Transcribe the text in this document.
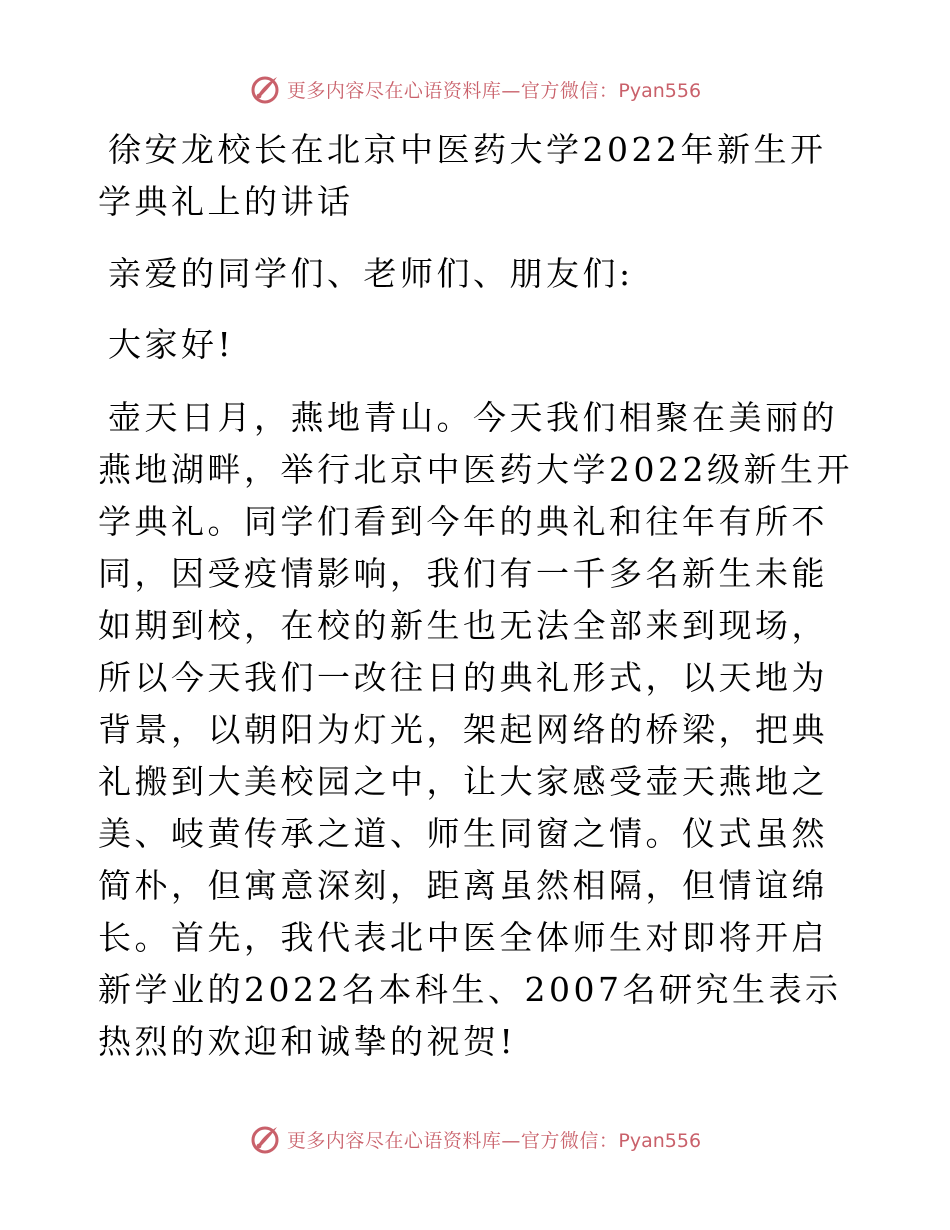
更多内容尽在心语资料库—官方微信：Pyan556

徐安龙校长在北京中医药大学2022年新生开学典礼上的讲话

亲爱的同学们、老师们、朋友们:

大家好!

壶天日月，燕地青山。今天我们相聚在美丽的燕地湖畔，举行北京中医药大学2022级新生开学典礼。同学们看到今年的典礼和往年有所不同，因受疫情影响，我们有一千多名新生未能如期到校，在校的新生也无法全部来到现场，所以今天我们一改往日的典礼形式，以天地为背景，以朝阳为灯光，架起网络的桥梁，把典礼搬到大美校园之中，让大家感受壶天燕地之美、岐黄传承之道、师生同窗之情。仪式虽然简朴，但寓意深刻，距离虽然相隔，但情谊绵长。首先，我代表北中医全体师生对即将开启新学业的2022名本科生、2007名研究生表示热烈的欢迎和诚挚的祝贺!

更多内容尽在心语资料库—官方微信：Pyan556
